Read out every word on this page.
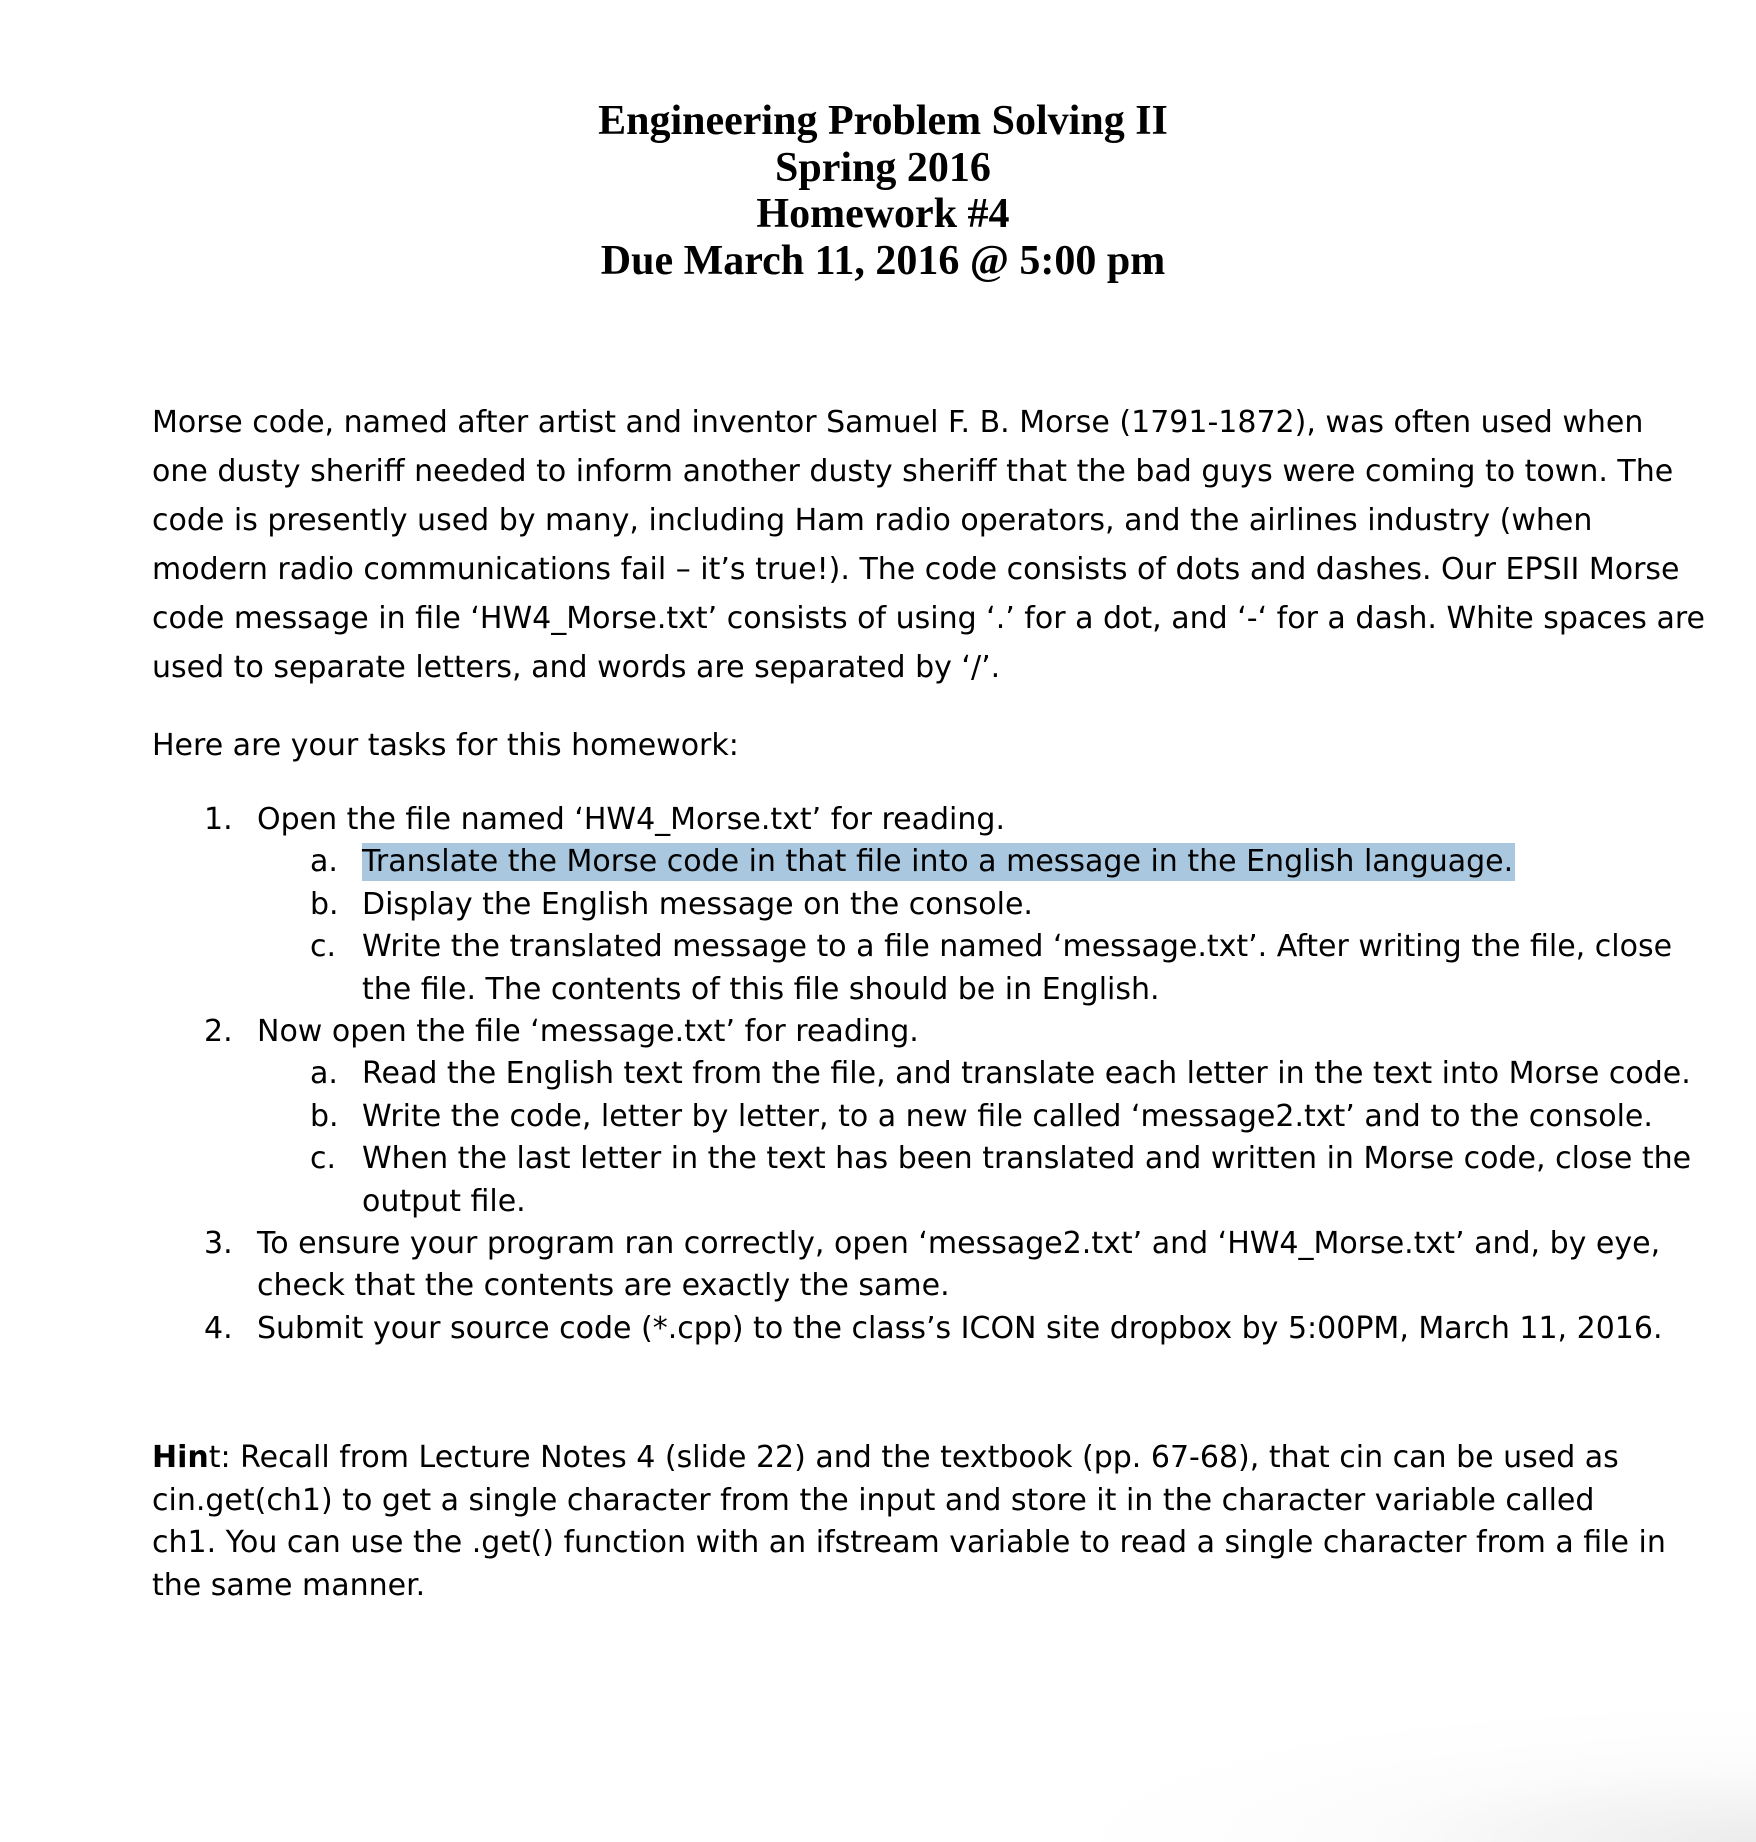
Engineering Problem Solving II
Spring 2016
Homework #4
Due March 11, 2016 @ 5:00 pm
Morse code, named after artist and inventor Samuel F. B. Morse (1791-1872), was often used when
one dusty sheriff needed to inform another dusty sheriff that the bad guys were coming to town. The
code is presently used by many, including Ham radio operators, and the airlines industry (when
modern radio communications fail – it’s true!). The code consists of dots and dashes. Our EPSII Morse
code message in file ‘HW4_Morse.txt’ consists of using ‘.’ for a dot, and ‘-‘ for a dash. White spaces are
used to separate letters, and words are separated by ‘/’.
Here are your tasks for this homework:
1. Open the file named ‘HW4_Morse.txt’ for reading.
a. Translate the Morse code in that file into a message in the English language.
b. Display the English message on the console.
c. Write the translated message to a file named ‘message.txt’. After writing the file, close
the file. The contents of this file should be in English.
2. Now open the file ‘message.txt’ for reading.
a. Read the English text from the file, and translate each letter in the text into Morse code.
b. Write the code, letter by letter, to a new file called ‘message2.txt’ and to the console.
c. When the last letter in the text has been translated and written in Morse code, close the
output file.
3. To ensure your program ran correctly, open ‘message2.txt’ and ‘HW4_Morse.txt’ and, by eye,
check that the contents are exactly the same.
4. Submit your source code (*.cpp) to the class’s ICON site dropbox by 5:00PM, March 11, 2016.
Hint: Recall from Lecture Notes 4 (slide 22) and the textbook (pp. 67-68), that cin can be used as
cin.get(ch1) to get a single character from the input and store it in the character variable called
ch1. You can use the .get() function with an ifstream variable to read a single character from a file in
the same manner.
